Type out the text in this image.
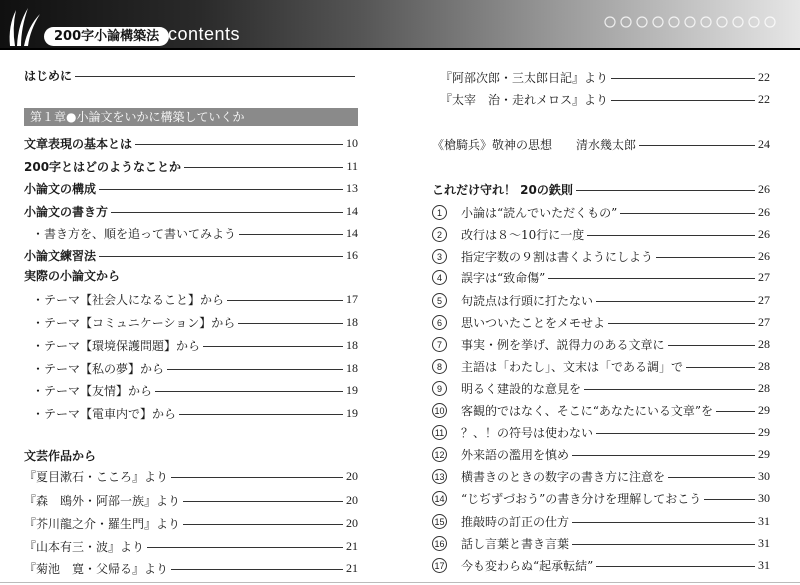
200字小論構築法 contents
はじめに
文章表現の基本とは	10
200字とはどのようなことか	11
小論文の構成	13
小論文の書き方	14
・書き方を、順を追って書いてみよう	14
小論文練習法	16
実際の小論文から
・テーマ【社会人になること】から	17
・テーマ【コミュニケーション】から	18
・テーマ【環境保護問題】から	18
・テーマ【私の夢】から	18
・テーマ【友情】から	19
・テーマ【電車内で】から	19
文芸作品から
『夏目漱石・こころ』より	20
『森　鴎外・阿部一族』より	20
『芥川龍之介・羅生門』より	20
『山本有三・波』より	21
『菊池　寛・父帰る』より	21
第１章●小論文をいかに構築していくか
『阿部次郎・三太郎日記』より	22
『太宰　治・走れメロス』より	22
《槍騎兵》敬神の思想　　清水幾太郎	24
これだけ守れ！ 20の鉄則	26
1	小論は“読んでいただくもの”	26
2	改行は８～10行に一度	26
3	指定字数の９割は書くようにしよう	26
4	誤字は“致命傷”	27
5	句読点は行頭に打たない	27
6	思いついたことをメモせよ	27
7	事実・例を挙げ、説得力のある文章に	28
8	主語は「わたし」、文末は「である調」で	28
9	明るく建設的な意見を	28
10 客観的ではなく、そこに“あなたにいる文章”を	29
11 ？、！の符号は使わない	29
12 外来語の濫用を慎め	29
13 横書きのときの数字の書き方に注意を	30
14 “じぢずづおう”の書き分けを理解しておこう	30
15 推敲時の訂正の仕方	31
16 話し言葉と書き言葉	31
17 今も変わらぬ“起承転結”	31
